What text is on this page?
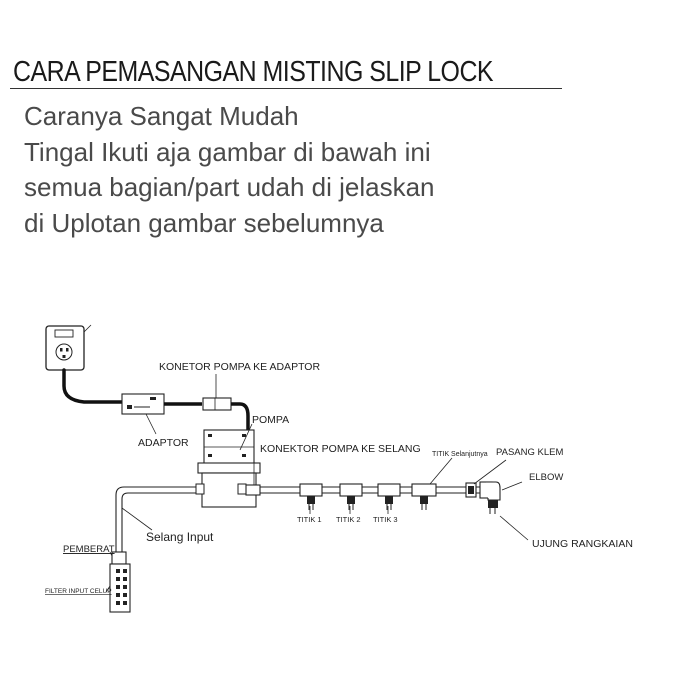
CARA PEMASANGAN MISTING SLIP LOCK
Caranya Sangat Mudah
Tingal Ikuti aja gambar di bawah ini
semua bagian/part udah di jelaskan
di Uplotan gambar sebelumnya
KONETOR POMPA KE ADAPTOR
ADAPTOR
POMPA
KONEKTOR POMPA KE SELANG TITIK Selanjutnya PASANG KLEM
ELBOW
TITIK 1 TITIK 2 TITIK 3
Selang Input
PEMBERAT
FILTER INPUT CELUP
UJUNG RANGKAIAN
